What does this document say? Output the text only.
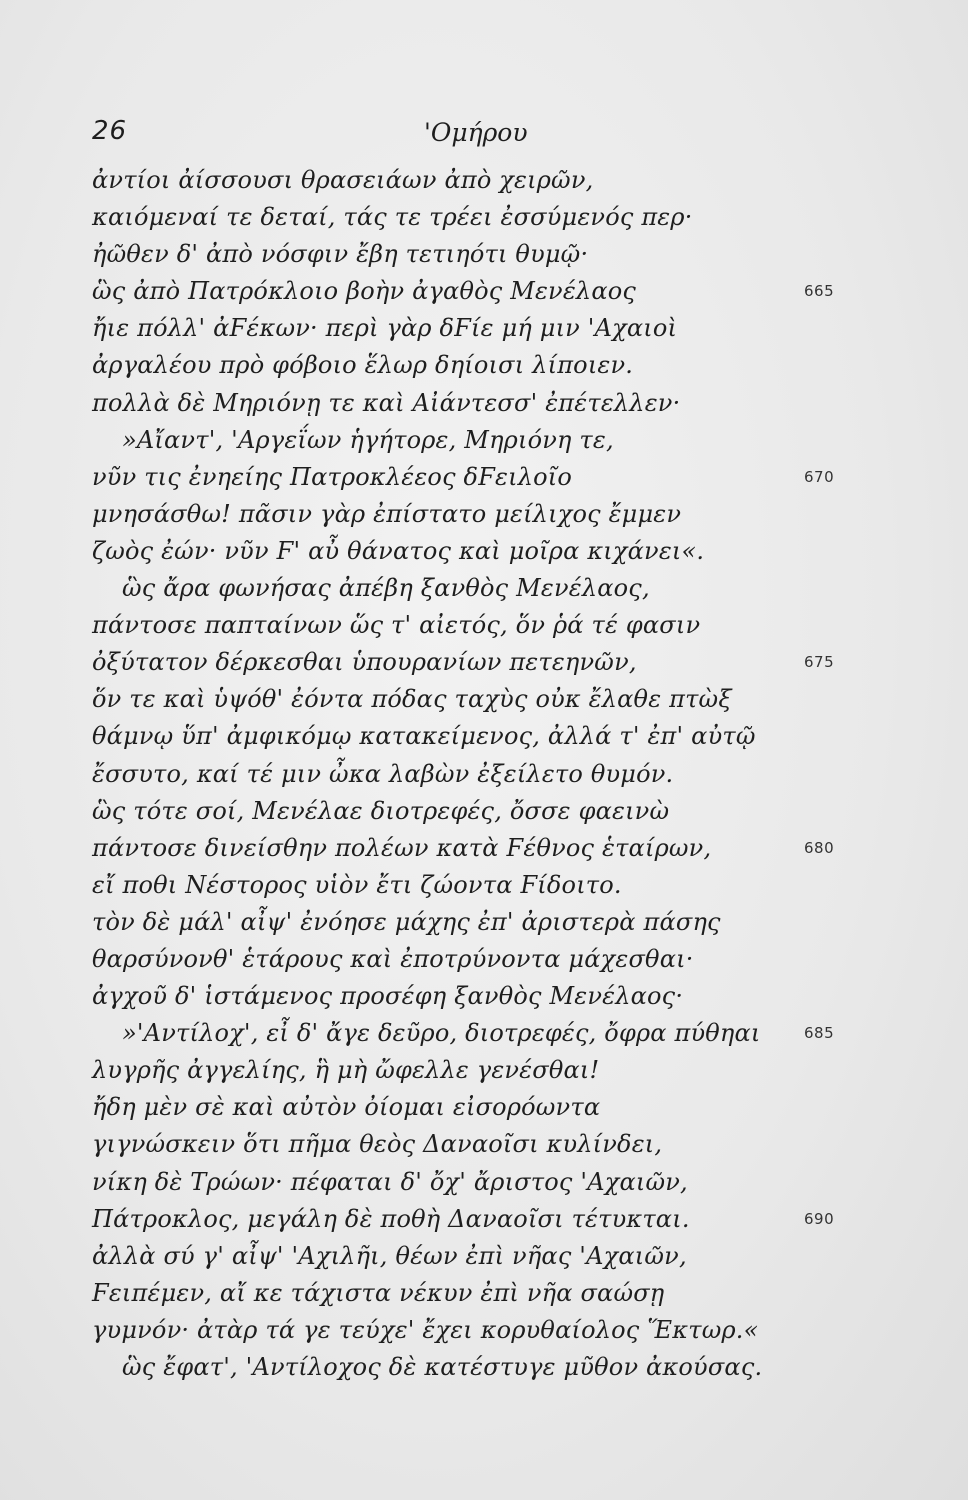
26	'Ομήρου
ἀντίοι ἀίσσουσι θρασειάων ἀπὸ χειρῶν,
καιόμεναί τε δεταί, τάς τε τρέει ἐσσύμενός περ·
ἠῶθεν δ' ἀπὸ νόσφιν ἔβη τετιηότι θυμῷ·
ὣς ἀπὸ Πατρόκλοιο βοὴν ἀγαθὸς Μενέλαος	665
ἤιε πόλλ' ἀϜέκων· περὶ γὰρ δϜίε μή μιν 'Αχαιοὶ
ἀργαλέου πρὸ φόβοιο ἕλωρ δηίοισι λίποιεν.
πολλὰ δὲ Μηριόνῃ τε καὶ Αἰάντεσσ' ἐπέτελλεν·
»Αἴαντ', 'Αργεΐων ἡγήτορε, Μηριόνη τε,
νῦν τις ἐνηείης Πατροκλέεος δϜειλοῖο	670
μνησάσθω! πᾶσιν γὰρ ἐπίστατο μείλιχος ἔμμεν
ζωὸς ἐών· νῦν Ϝ' αὖ θάνατος καὶ μοῖρα κιχάνει«.
ὣς ἄρα φωνήσας ἀπέβη ξανθὸς Μενέλαος,
πάντοσε παπταίνων ὥς τ' αἰετός, ὅν ῥά τέ φασιν
ὀξύτατον δέρκεσθαι ὑπουρανίων πετεηνῶν,	675
ὅν τε καὶ ὑψόθ' ἐόντα πόδας ταχὺς οὐκ ἔλαθε πτὼξ
θάμνῳ ὕπ' ἀμφικόμῳ κατακείμενος, ἀλλά τ' ἐπ' αὐτῷ
ἔσσυτο, καί τέ μιν ὦκα λαβὼν ἐξείλετο θυμόν.
ὣς τότε σοί, Μενέλαε διοτρεφές, ὄσσε φαεινὼ
πάντοσε δινείσθην πολέων κατὰ Ϝέθνος ἑταίρων,	680
εἴ ποθι Νέστορος υἱὸν ἔτι ζώοντα Ϝίδοιτο.
τὸν δὲ μάλ' αἶψ' ἐνόησε μάχης ἐπ' ἀριστερὰ πάσης
θαρσύνονθ' ἑτάρους καὶ ἐποτρύνοντα μάχεσθαι·
ἀγχοῦ δ' ἱστάμενος προσέφη ξανθὸς Μενέλαος·
»'Αντίλοχ', εἶ δ' ἄγε δεῦρο, διοτρεφές, ὄφρα πύθηαι	685
λυγρῆς ἀγγελίης, ἣ μὴ ὤφελλε γενέσθαι!
ἤδη μὲν σὲ καὶ αὐτὸν ὀίομαι εἰσορόωντα
γιγνώσκειν ὅτι πῆμα θεὸς Δαναοῖσι κυλίνδει,
νίκη δὲ Τρώων· πέφαται δ' ὄχ' ἄριστος 'Αχαιῶν,
Πάτροκλος, μεγάλη δὲ ποθὴ Δαναοῖσι τέτυκται.	690
ἀλλὰ σύ γ' αἶψ' 'Αχιλῆι, θέων ἐπὶ νῆας 'Αχαιῶν,
Ϝειπέμεν, αἴ κε τάχιστα νέκυν ἐπὶ νῆα σαώσῃ
γυμνόν· ἀτὰρ τά γε τεύχε' ἔχει κορυθαίολος Ἕκτωρ.«
ὣς ἔφατ', 'Αντίλοχος δὲ κατέστυγε μῦθον ἀκούσας.
